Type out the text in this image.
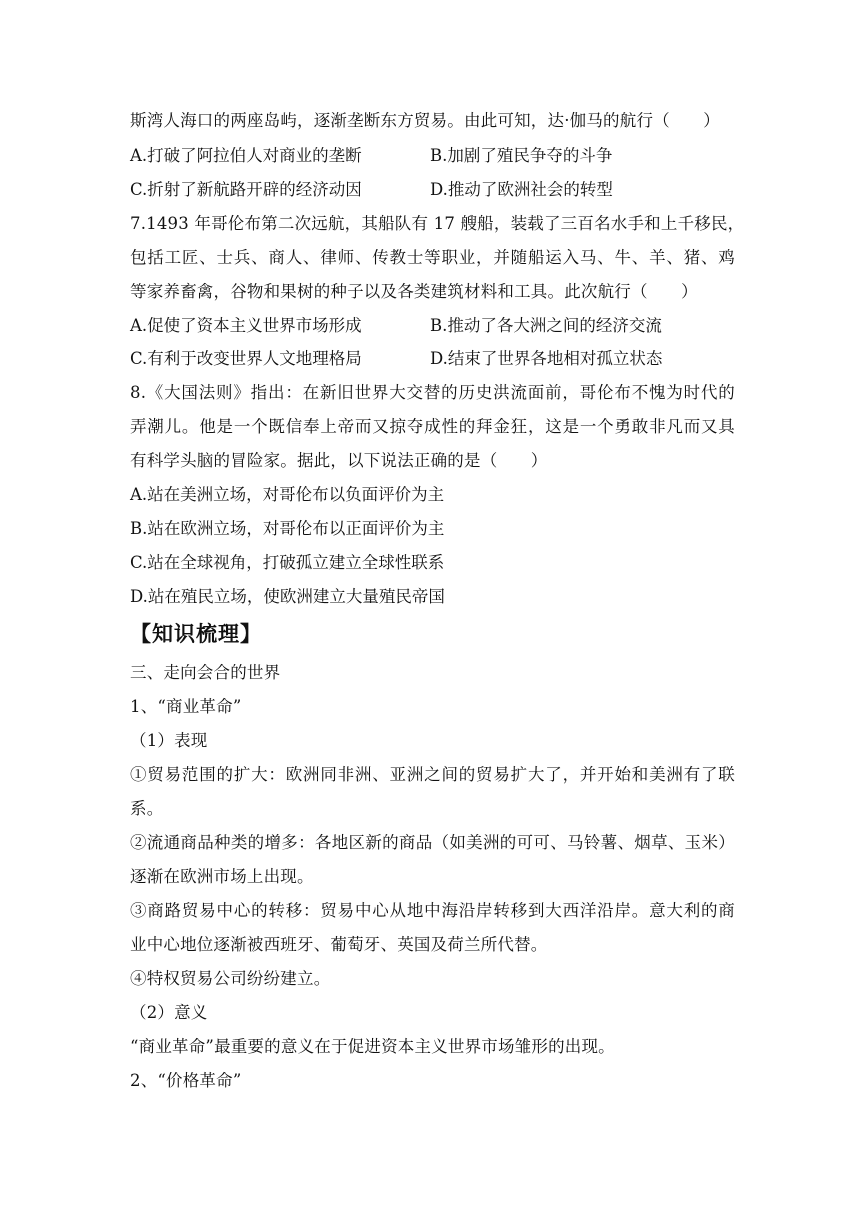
斯湾人海口的两座岛屿，逐渐垄断东方贸易。由此可知，达·伽马的航行（　　）
A.打破了阿拉伯人对商业的垄断	B.加剧了殖民争夺的斗争
C.折射了新航路开辟的经济动因	D.推动了欧洲社会的转型
7.1493 年哥伦布第二次远航，其船队有 17 艘船，装载了三百名水手和上千移民，
包括工匠、士兵、商人、律师、传教士等职业，并随船运入马、牛、羊、猪、鸡
等家养畜禽，谷物和果树的种子以及各类建筑材料和工具。此次航行（　　）
A.促使了资本主义世界市场形成	B.推动了各大洲之间的经济交流
C.有利于改变世界人文地理格局	D.结束了世界各地相对孤立状态
8.《大国法则》指出：在新旧世界大交替的历史洪流面前，哥伦布不愧为时代的
弄潮儿。他是一个既信奉上帝而又掠夺成性的拜金狂，这是一个勇敢非凡而又具
有科学头脑的冒险家。据此，以下说法正确的是（　　）
A.站在美洲立场，对哥伦布以负面评价为主
B.站在欧洲立场，对哥伦布以正面评价为主
C.站在全球视角，打破孤立建立全球性联系
D.站在殖民立场，使欧洲建立大量殖民帝国
【知识梳理】
三、走向会合的世界
1、“商业革命”
（1）表现
①贸易范围的扩大：欧洲同非洲、亚洲之间的贸易扩大了，并开始和美洲有了联
系。
②流通商品种类的增多：各地区新的商品（如美洲的可可、马铃薯、烟草、玉米）
逐渐在欧洲市场上出现。
③商路贸易中心的转移：贸易中心从地中海沿岸转移到大西洋沿岸。意大利的商
业中心地位逐渐被西班牙、葡萄牙、英国及荷兰所代替。
④特权贸易公司纷纷建立。
（2）意义
“商业革命”最重要的意义在于促进资本主义世界市场雏形的出现。
2、“价格革命”
